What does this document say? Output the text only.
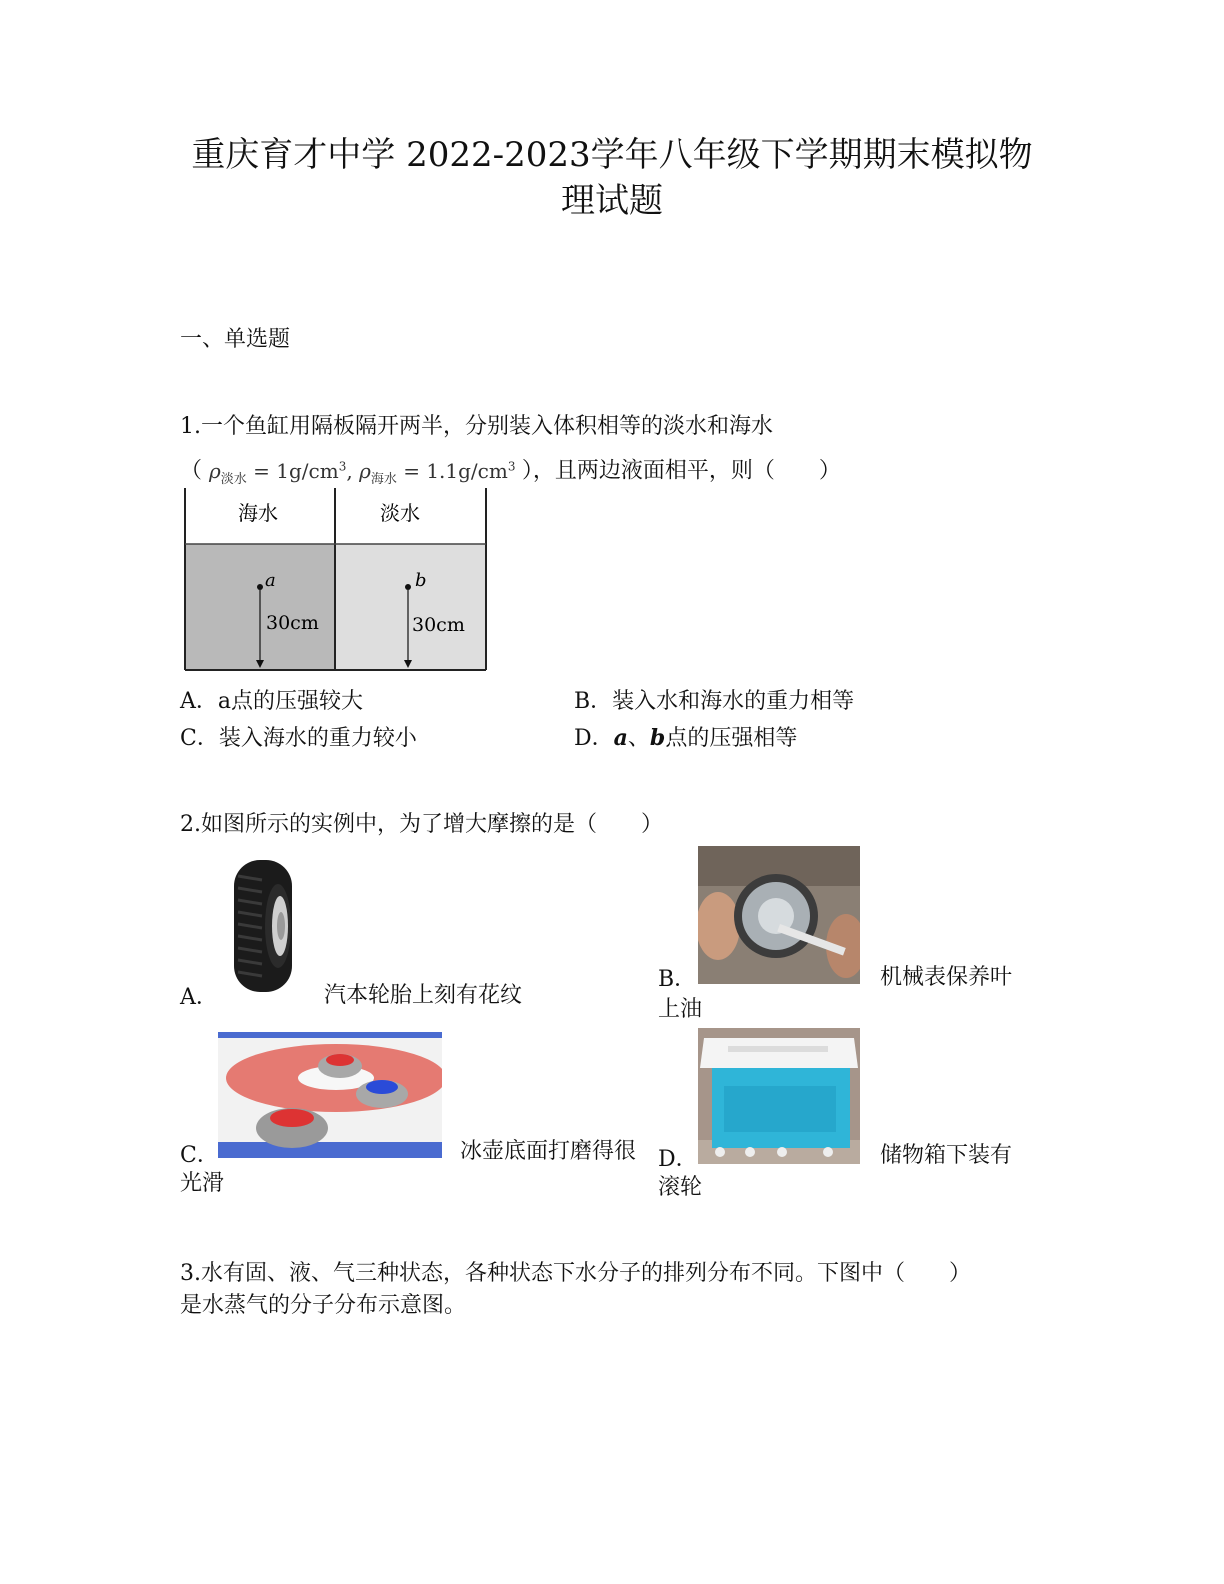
重庆育才中学 2022-2023学年八年级下学期期末模拟物
理试题
一、单选题
1.一个鱼缸用隔板隔开两半，分别装入体积相等的淡水和海水
（ $\rho_{淡水} = 1g/cm^3$, $\rho_{海水} = 1.1g/cm^3$ ），且两边液面相平，则（　　）
海水	淡水
a
30cm
b
30cm
A．a点的压强较大	B．装入水和海水的重力相等
C．装入海水的重力较小	D．a、b点的压强相等
2.如图所示的实例中，为了增大摩擦的是（　　）
A．	汽本轮胎上刻有花纹
B．	机械表保养叶
上油
C．	冰壶底面打磨得很
光滑
D．	储物箱下装有
滚轮
3.水有固、液、气三种状态，各种状态下水分子的排列分布不同。下图中（　　）
是水蒸气的分子分布示意图。
